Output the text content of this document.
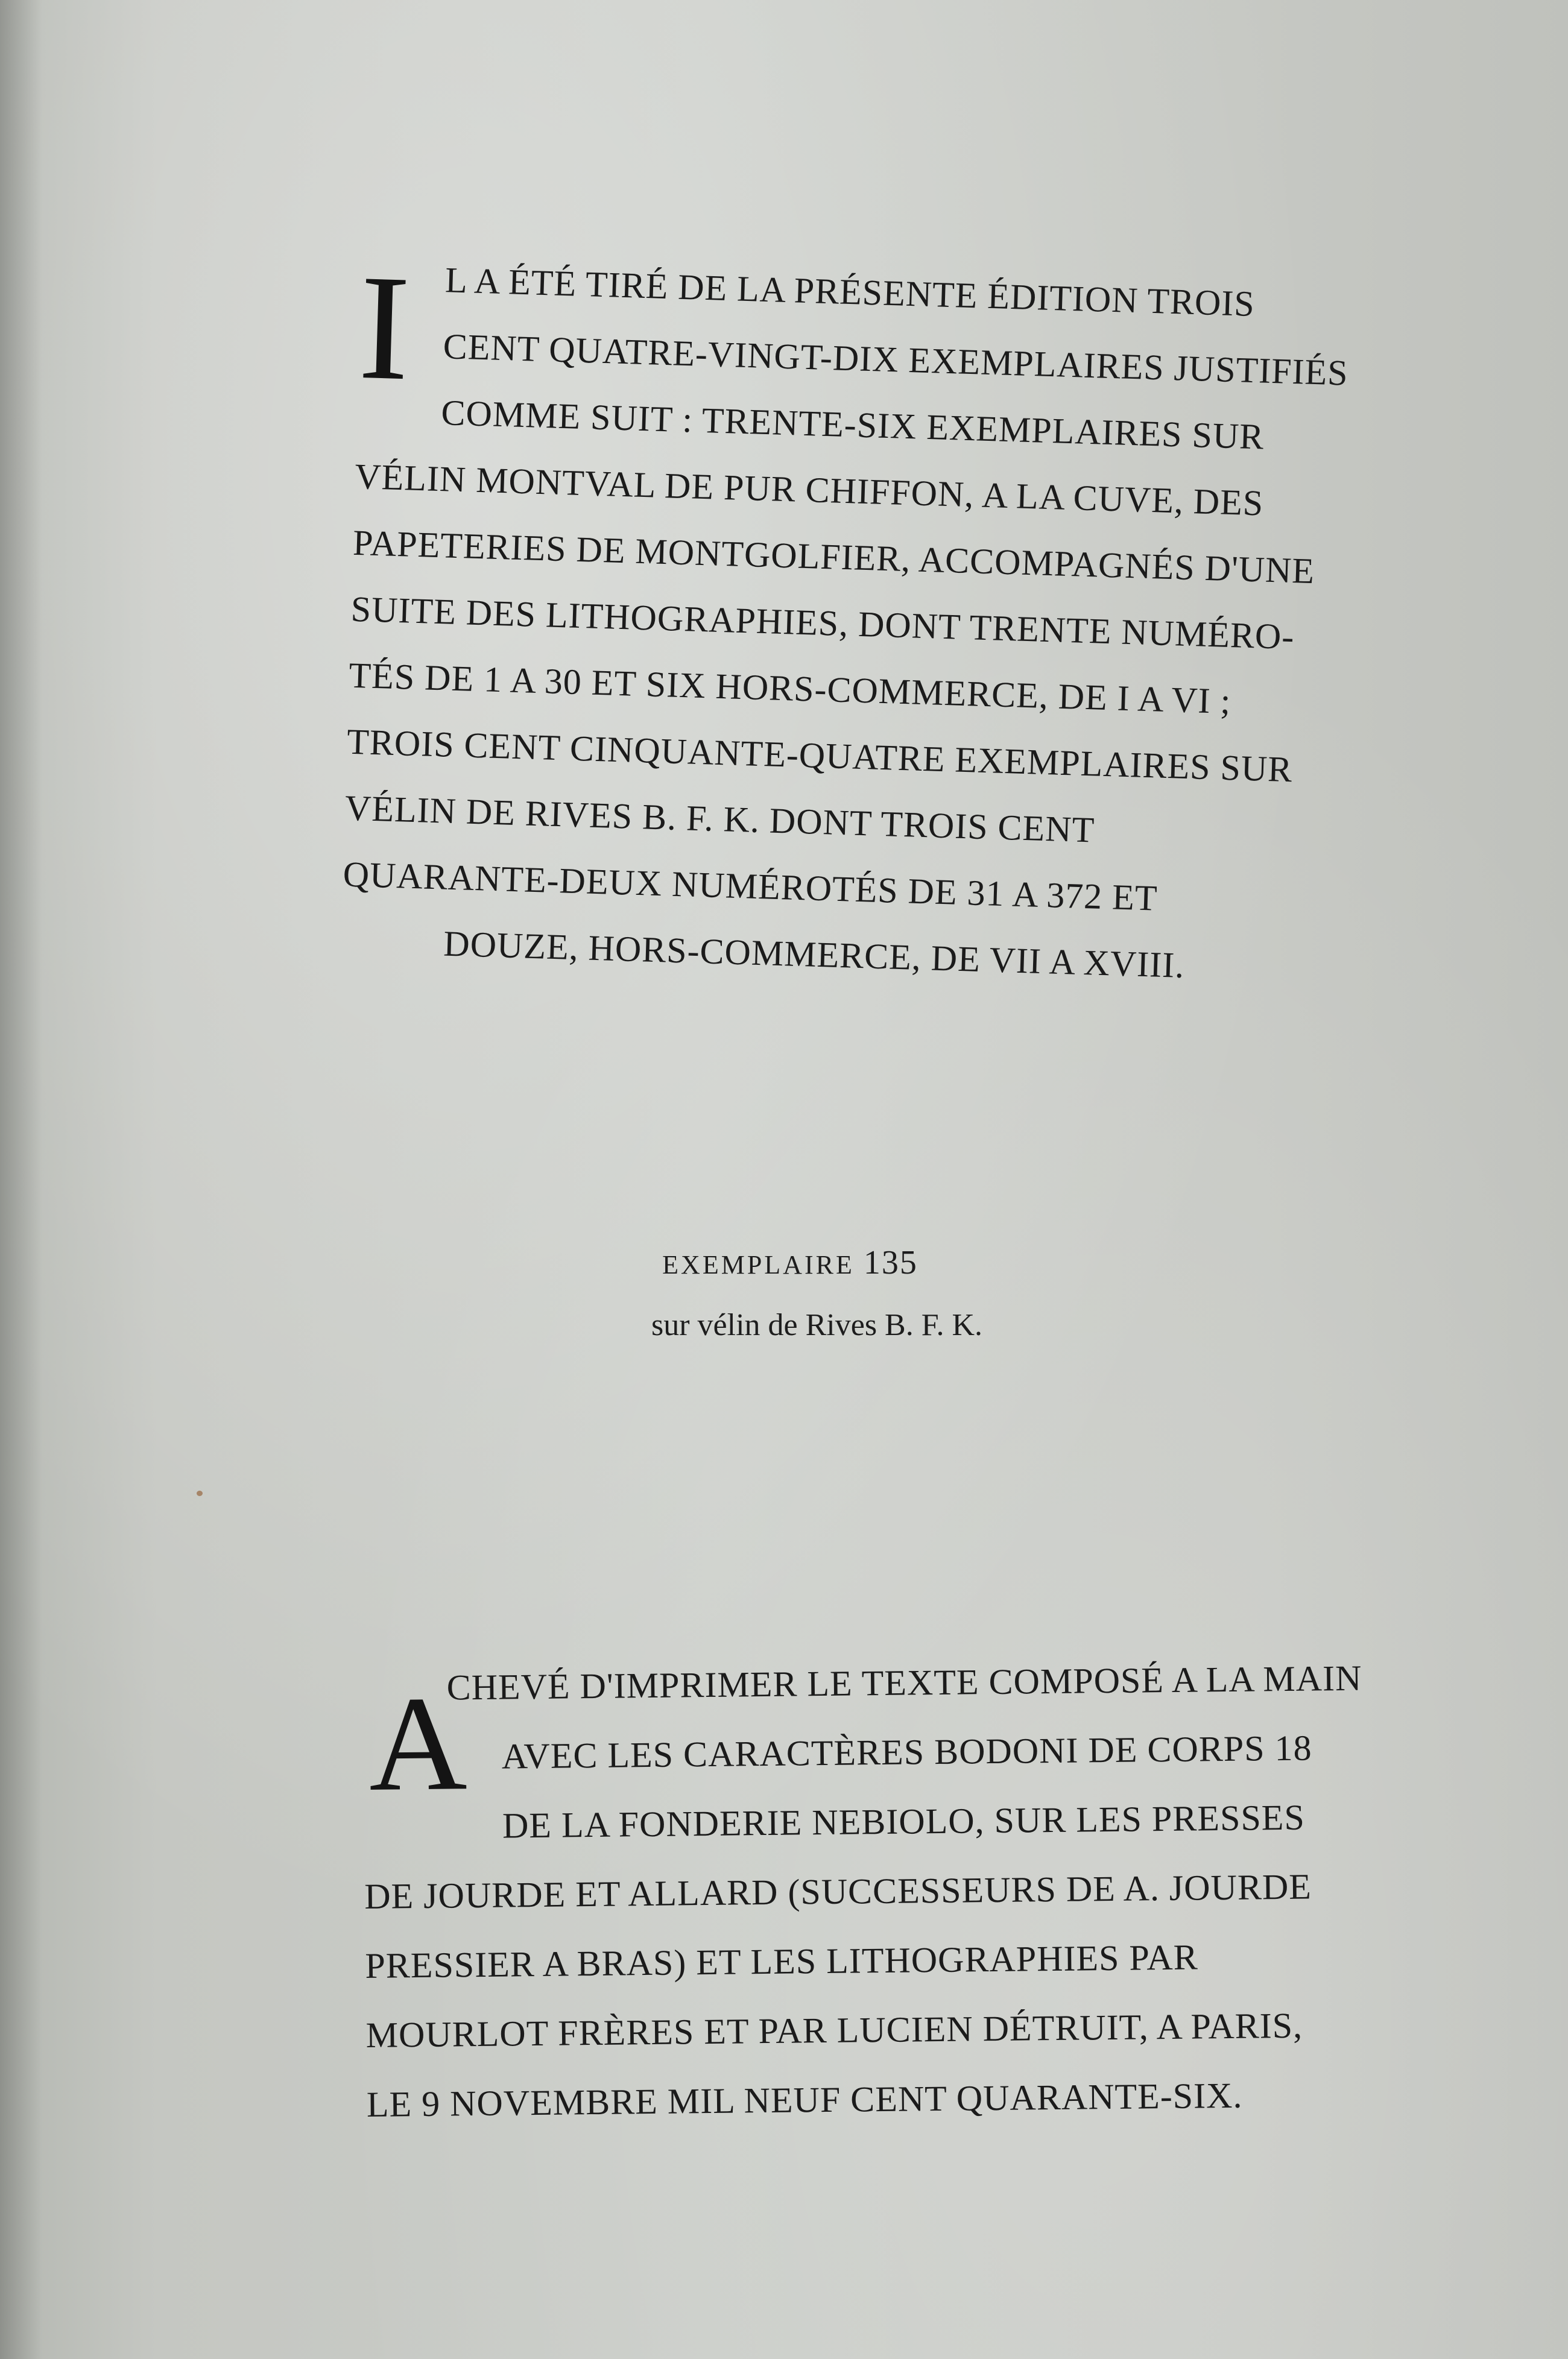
I L A ÉTÉ TIRÉ DE LA PRÉSENTE ÉDITION TROIS
CENT QUATRE-VINGT-DIX EXEMPLAIRES JUSTIFIÉS
COMME SUIT : TRENTE-SIX EXEMPLAIRES SUR
VÉLIN MONTVAL DE PUR CHIFFON, A LA CUVE, DES
PAPETERIES DE MONTGOLFIER, ACCOMPAGNÉS D'UNE
SUITE DES LITHOGRAPHIES, DONT TRENTE NUMÉRO-
TÉS DE 1 A 30 ET SIX HORS-COMMERCE, DE I A VI ;
TROIS CENT CINQUANTE-QUATRE EXEMPLAIRES SUR
VÉLIN DE RIVES B. F. K. DONT TROIS CENT
QUARANTE-DEUX NUMÉROTÉS DE 31 A 372 ET
DOUZE, HORS-COMMERCE, DE VII A XVIII.
EXEMPLAIRE 135
sur vélin de Rives B. F. K.
A
CHEVÉ D'IMPRIMER LE TEXTE COMPOSÉ A LA MAIN
AVEC LES CARACTÈRES BODONI DE CORPS 18
DE LA FONDERIE NEBIOLO, SUR LES PRESSES
DE JOURDE ET ALLARD (SUCCESSEURS DE A. JOURDE
PRESSIER A BRAS) ET LES LITHOGRAPHIES PAR
MOURLOT FRÈRES ET PAR LUCIEN DÉTRUIT, A PARIS,
LE 9 NOVEMBRE MIL NEUF CENT QUARANTE-SIX.
